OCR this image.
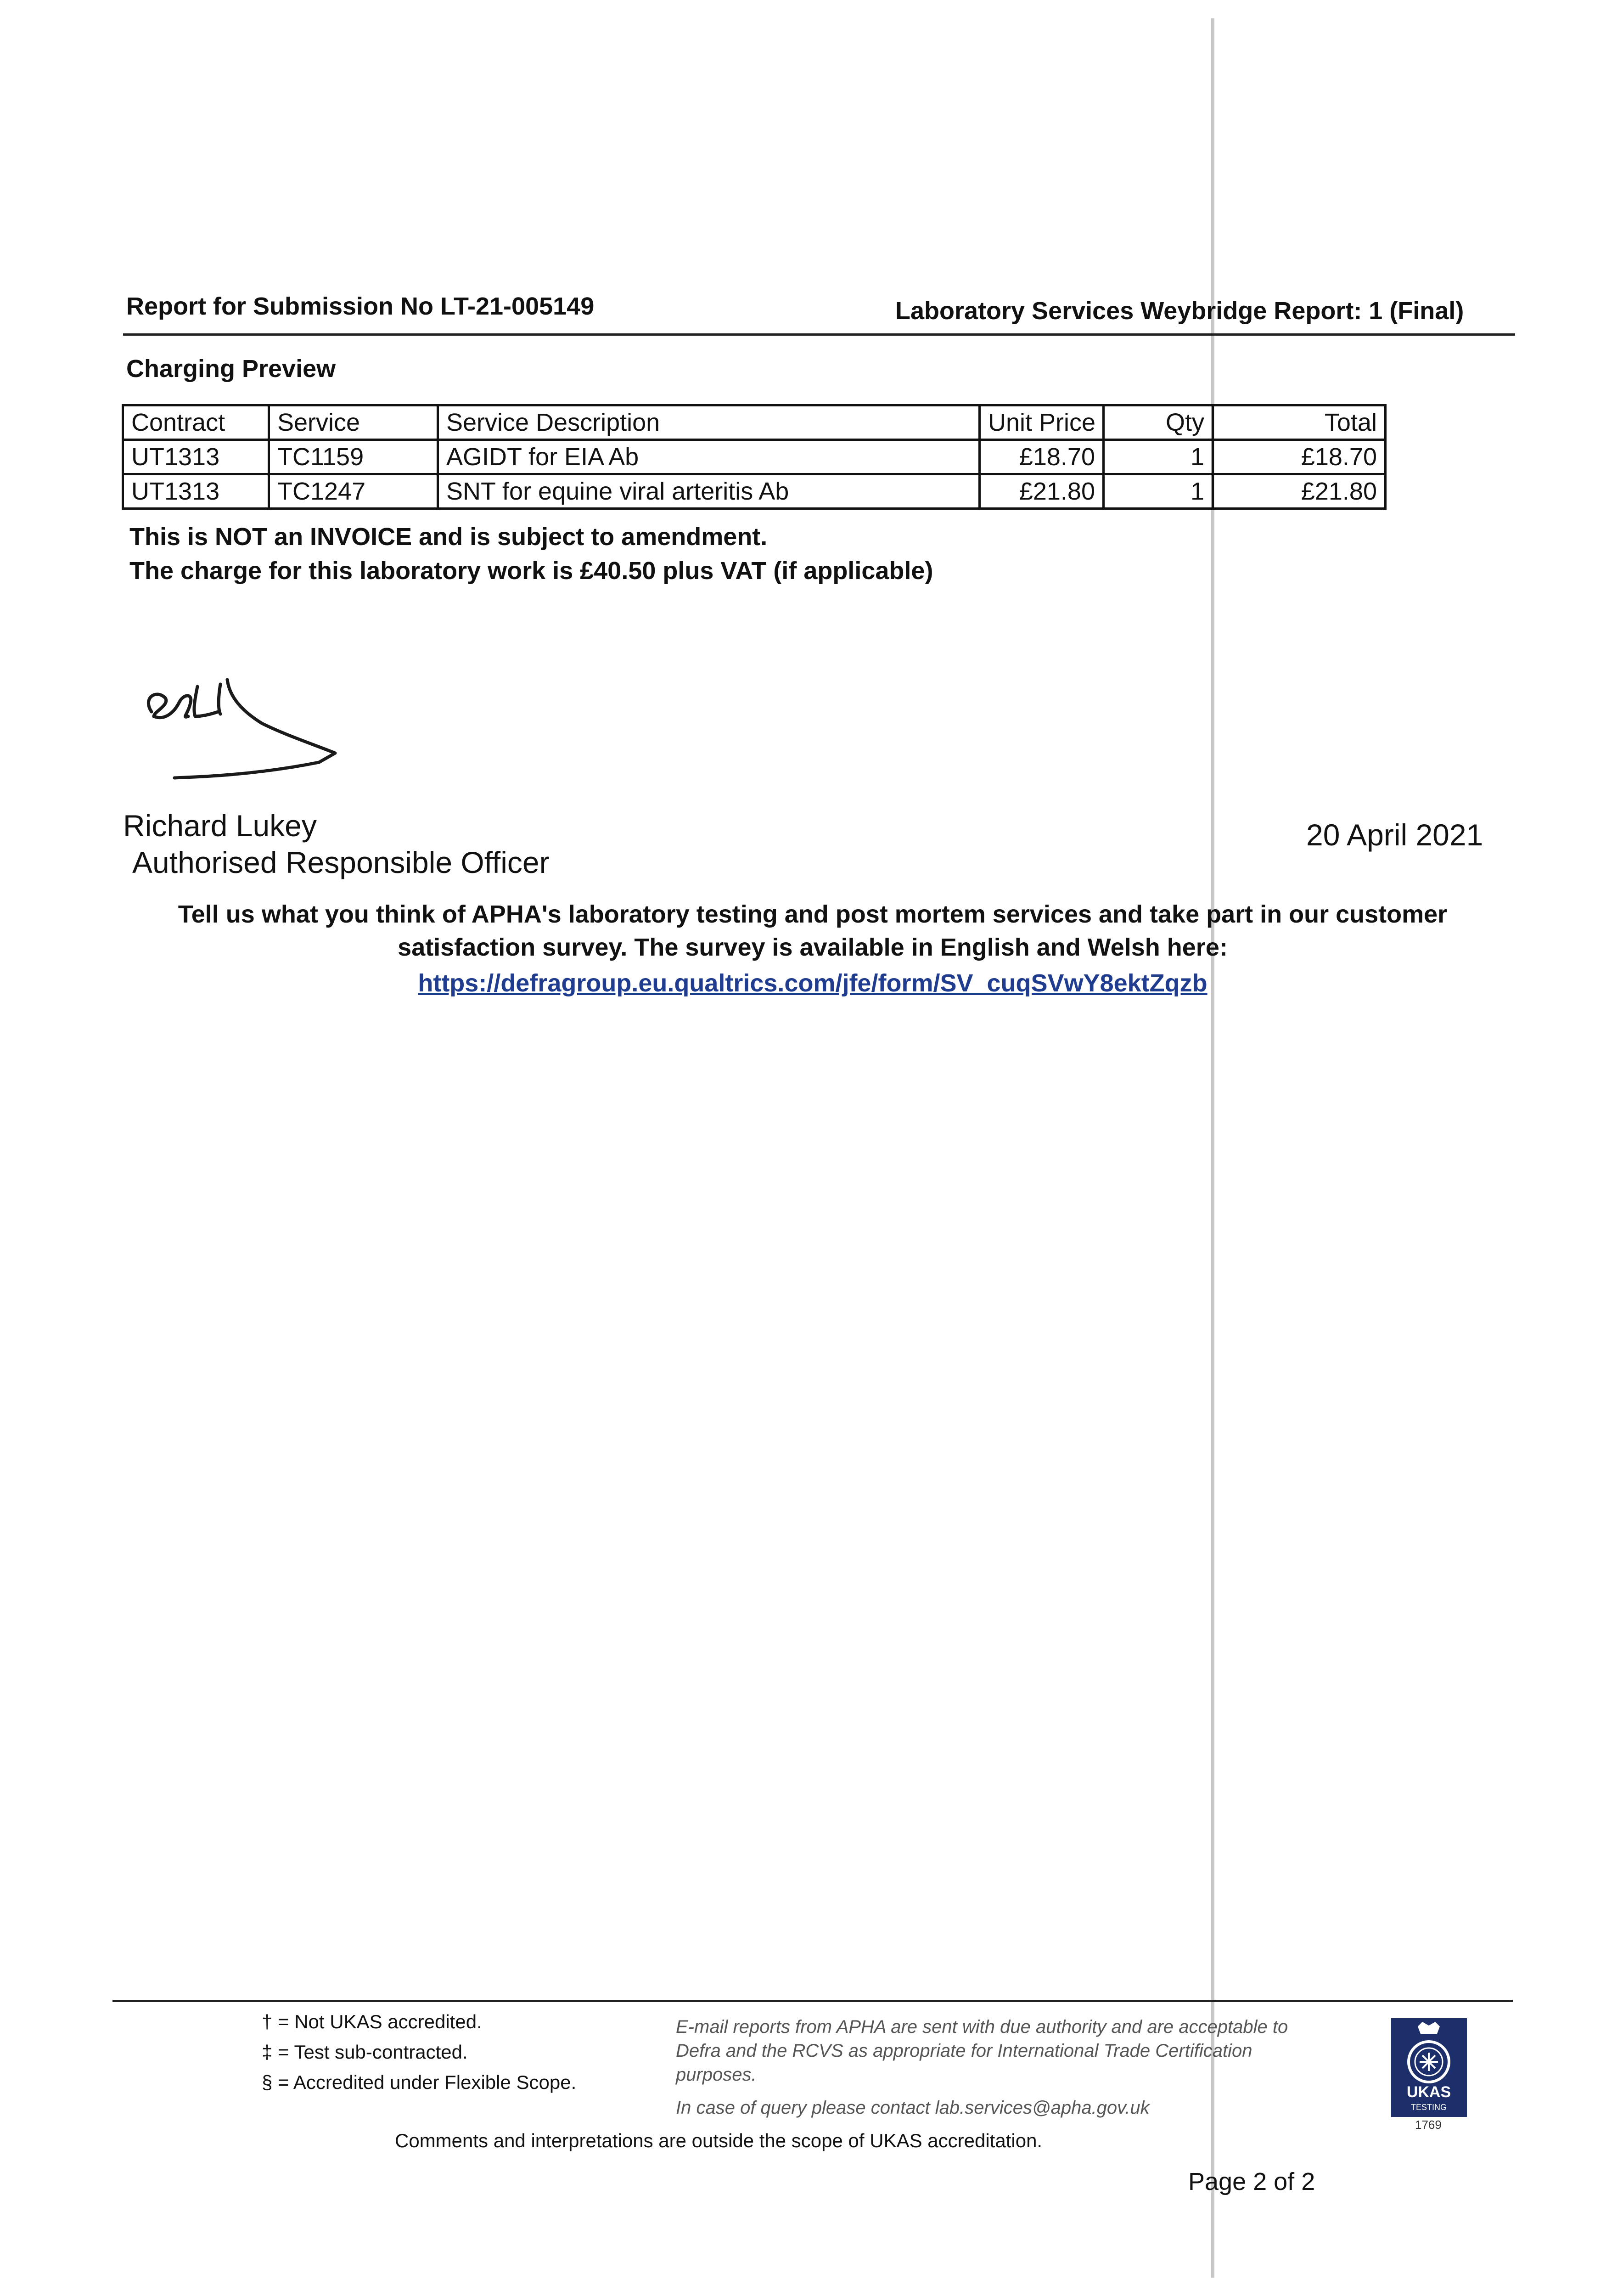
Report for Submission No LT-21-005149	Laboratory Services Weybridge Report: 1 (Final)
Charging Preview
Contract	Service	Service Description	Unit Price	Qty	Total
UT1313	TC1159	AGIDT for EIA Ab	£18.70	1	£18.70
UT1313	TC1247	SNT for equine viral arteritis Ab	£21.80	1	£21.80
This is NOT an INVOICE and is subject to amendment.
The charge for this laboratory work is £40.50 plus VAT (if applicable)
Richard Lukey
Authorised Responsible Officer
20 April 2021
Tell us what you think of APHA's laboratory testing and post mortem services and take part in our customer
satisfaction survey. The survey is available in English and Welsh here:
https://defragroup.eu.qualtrics.com/jfe/form/SV_cuqSVwY8ektZqzb
† = Not UKAS accredited.
‡ = Test sub-contracted.
§ = Accredited under Flexible Scope.
E-mail reports from APHA are sent with due authority and are acceptable to Defra and the RCVS as appropriate for International Trade Certification purposes.
In case of query please contact lab.services@apha.gov.uk
Comments and interpretations are outside the scope of UKAS accreditation.
Page 2 of 2
UKAS
TESTING
1769
